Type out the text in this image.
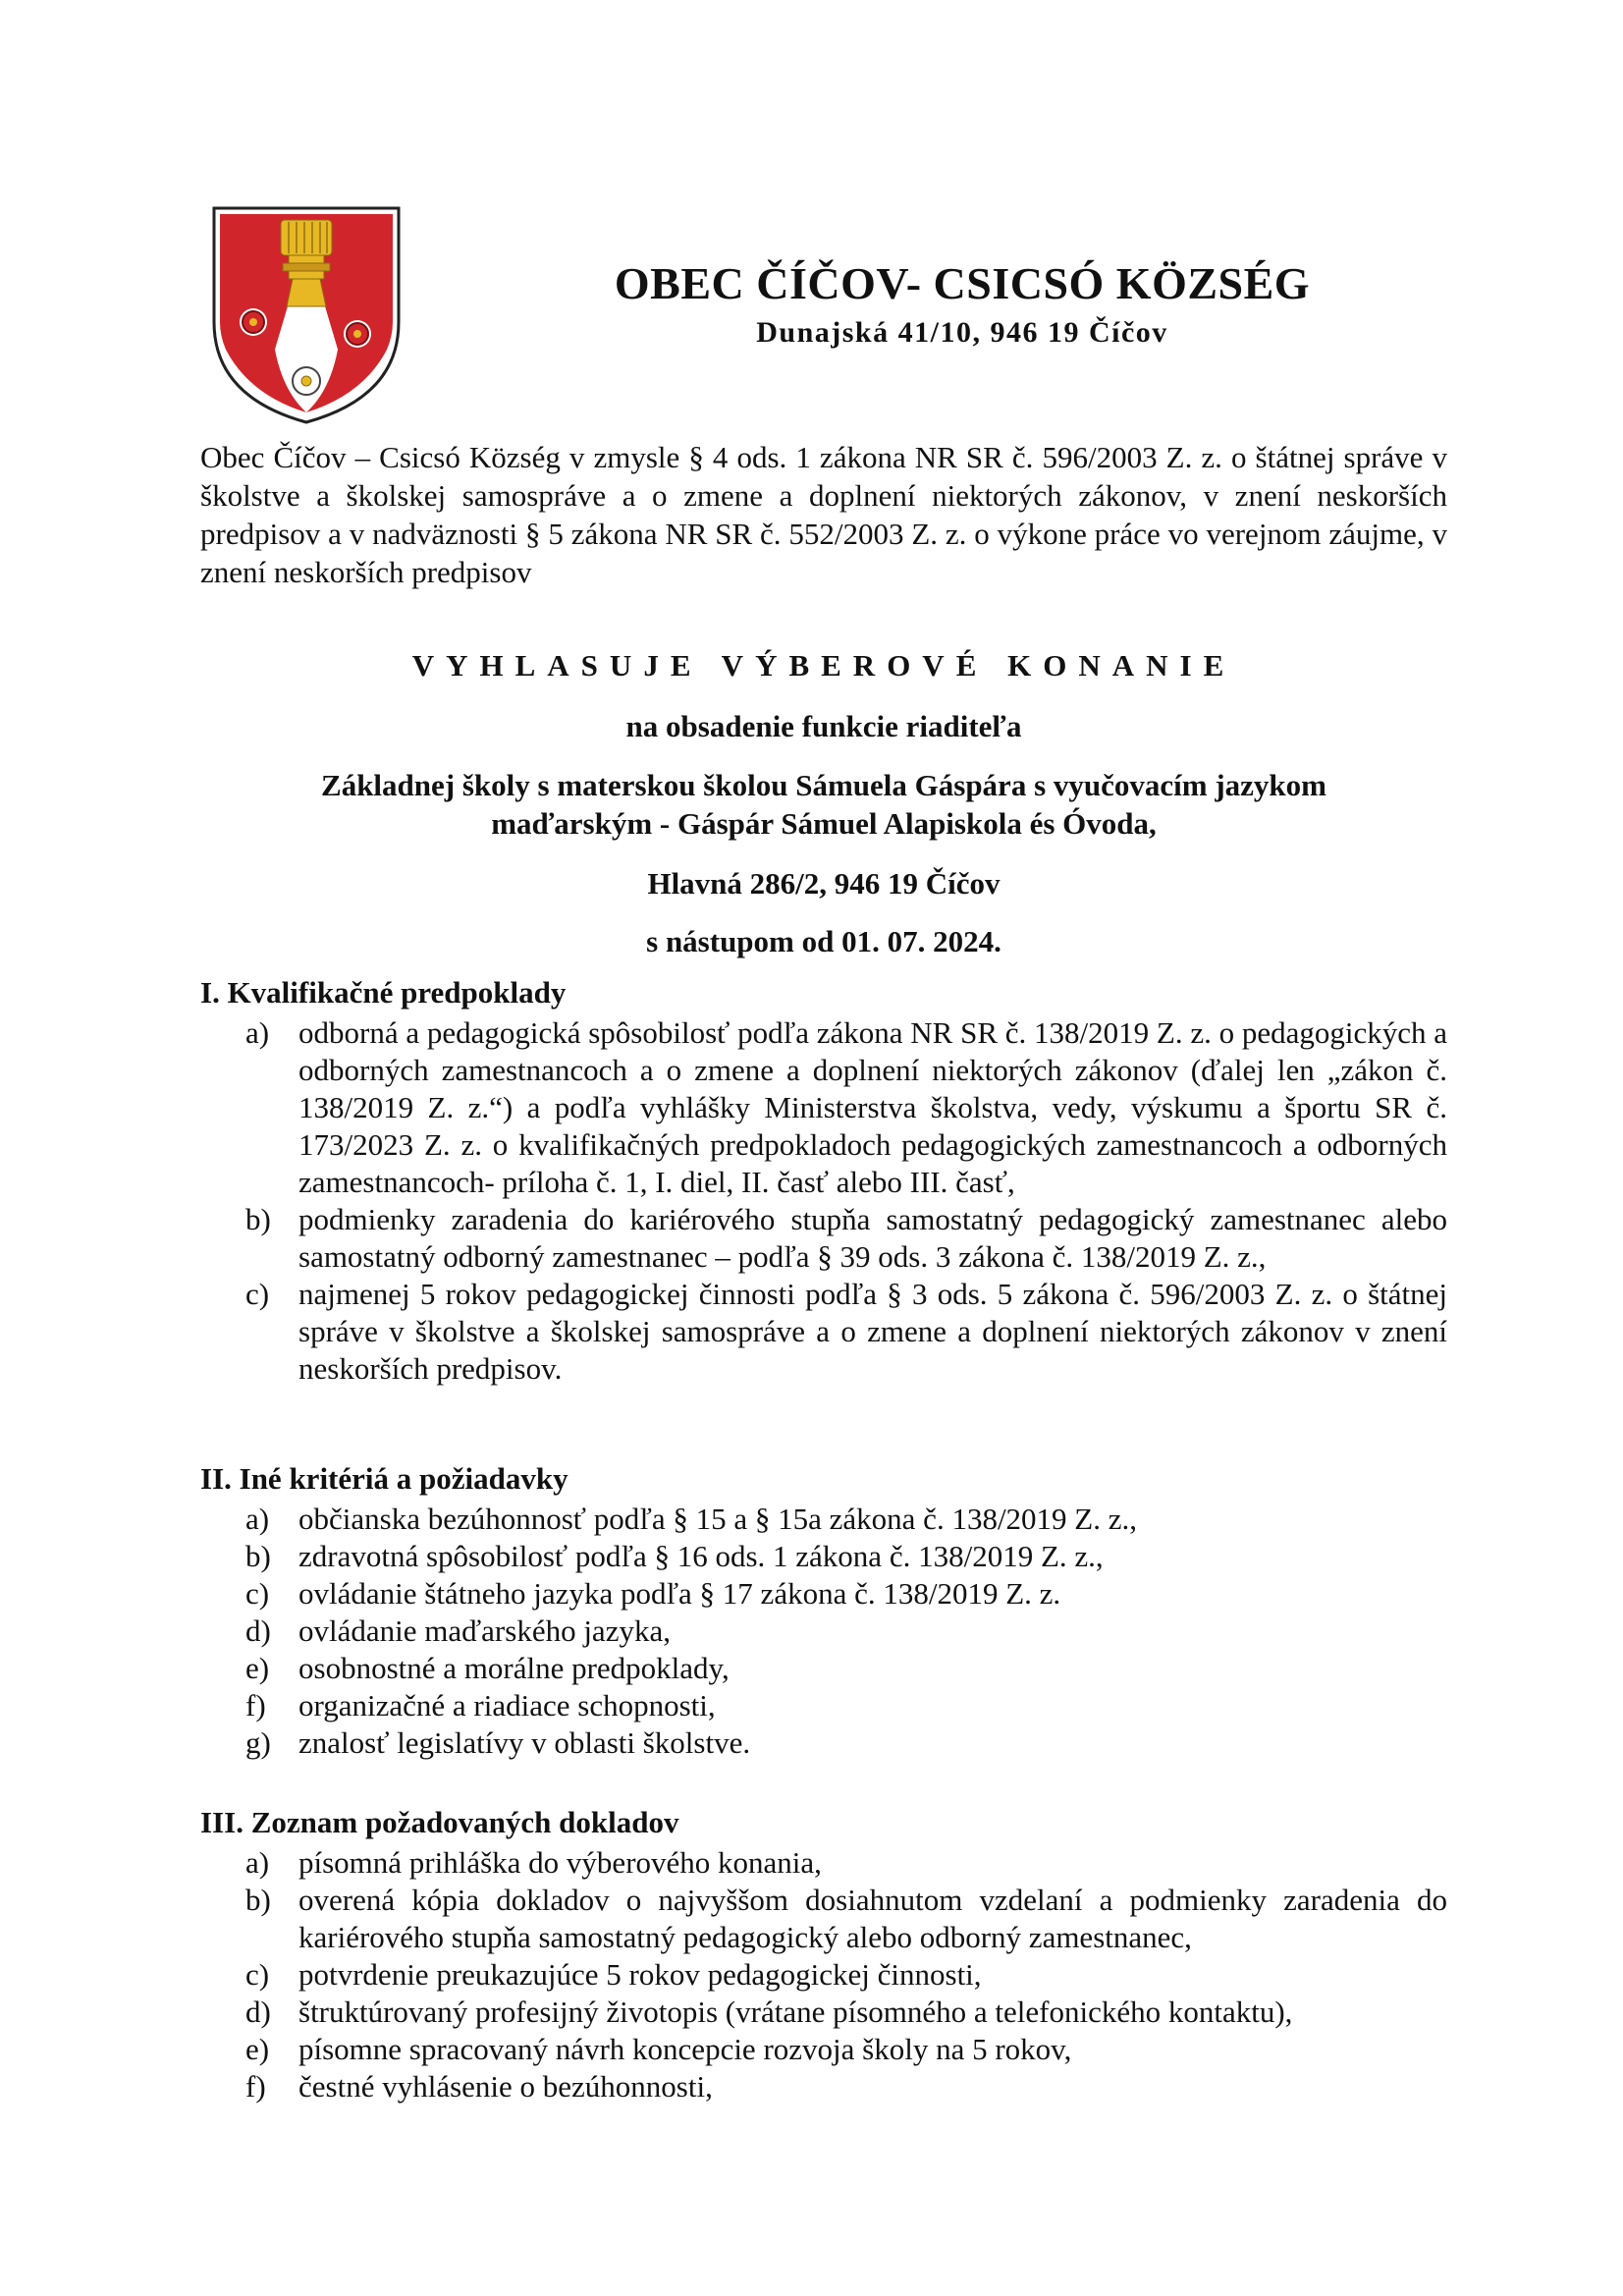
OBEC ČÍČOV- CSICSÓ KÖZSÉG
Dunajská 41/10, 946 19 Číčov
Obec Číčov – Csicsó Község v zmysle § 4 ods. 1 zákona NR SR č. 596/2003 Z. z. o štátnej správe v školstve a školskej samospráve a o zmene a doplnení niektorých zákonov, v znení neskorších predpisov a v nadväznosti § 5 zákona NR SR č. 552/2003 Z. z. o výkone práce vo verejnom záujme, v znení neskorších predpisov
VYHLASUJE VÝBEROVÉ KONANIE
na obsadenie funkcie riaditeľa
Základnej školy s materskou školou Sámuela Gáspára s vyučovacím jazykom
maďarským - Gáspár Sámuel Alapiskola és Óvoda,
Hlavná 286/2, 946 19 Číčov
s nástupom od 01. 07. 2024.
I. Kvalifikačné predpoklady
a) odborná a pedagogická spôsobilosť podľa zákona NR SR č. 138/2019 Z. z. o pedagogických a odborných zamestnancoch a o zmene a doplnení niektorých zákonov (ďalej len „zákon č. 138/2019 Z. z.“) a podľa vyhlášky Ministerstva školstva, vedy, výskumu a športu SR č. 173/2023 Z. z. o kvalifikačných predpokladoch pedagogických zamestnancoch a odborných zamestnancoch- príloha č. 1, I. diel, II. časť alebo III. časť,
b) podmienky zaradenia do kariérového stupňa samostatný pedagogický zamestnanec alebo samostatný odborný zamestnanec – podľa § 39 ods. 3 zákona č. 138/2019 Z. z.,
c) najmenej 5 rokov pedagogickej činnosti podľa § 3 ods. 5 zákona č. 596/2003 Z. z. o štátnej správe v školstve a školskej samospráve a o zmene a doplnení niektorých zákonov v znení neskorších predpisov.
II. Iné kritériá a požiadavky
a) občianska bezúhonnosť podľa § 15 a § 15a zákona č. 138/2019 Z. z.,
b) zdravotná spôsobilosť podľa § 16 ods. 1 zákona č. 138/2019 Z. z.,
c) ovládanie štátneho jazyka podľa § 17 zákona č. 138/2019 Z. z.
d) ovládanie maďarského jazyka,
e) osobnostné a morálne predpoklady,
f) organizačné a riadiace schopnosti,
g) znalosť legislatívy v oblasti školstve.
III. Zoznam požadovaných dokladov
a) písomná prihláška do výberového konania,
b) overená kópia dokladov o najvyššom dosiahnutom vzdelaní a podmienky zaradenia do kariérového stupňa samostatný pedagogický alebo odborný zamestnanec,
c) potvrdenie preukazujúce 5 rokov pedagogickej činnosti,
d) štruktúrovaný profesijný životopis (vrátane písomného a telefonického kontaktu),
e) písomne spracovaný návrh koncepcie rozvoja školy na 5 rokov,
f) čestné vyhlásenie o bezúhonnosti,
